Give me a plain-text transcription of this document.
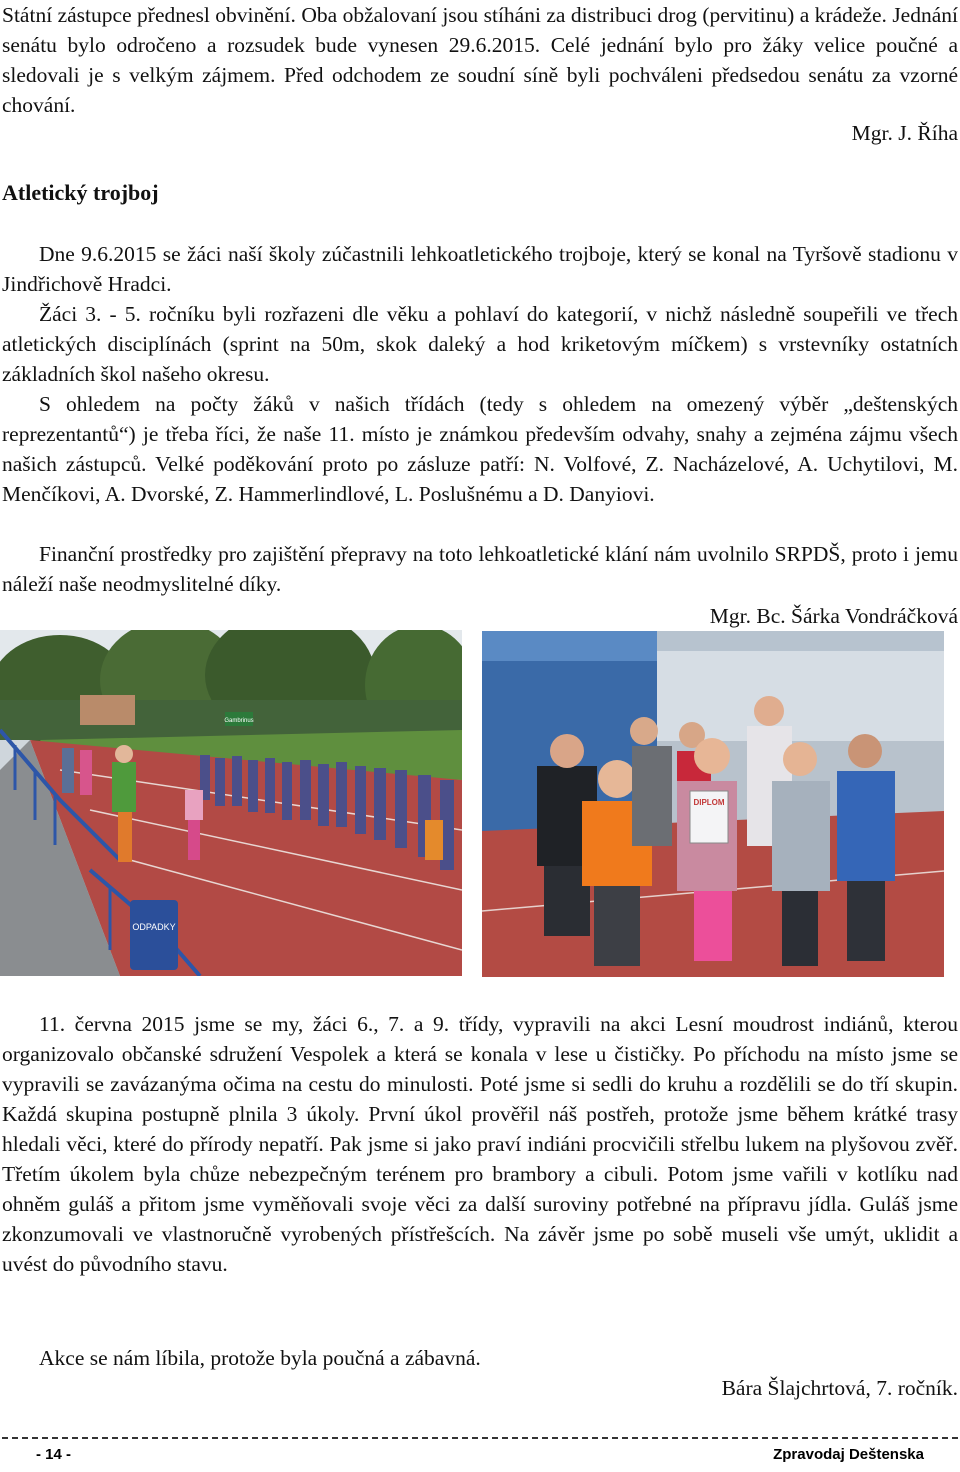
Státní zástupce přednesl obvinění. Oba obžalovaní jsou stíháni za distribuci drog (pervitinu) a krádeže. Jednání senátu bylo odročeno a rozsudek bude vynesen 29.6.2015. Celé jednání bylo pro žáky velice poučné a sledovali je s velkým zájmem. Před odchodem ze soudní síně byli pochváleni předsedou senátu za vzorné chování.

Mgr. J. Říha

Atletický trojboj

Dne 9.6.2015 se žáci naší školy zúčastnili lehkoatletického trojboje, který se konal na Tyršově stadionu v Jindřichově Hradci.

Žáci 3. - 5. ročníku byli rozřazeni dle věku a pohlaví do kategorií, v nichž následně soupeřili ve třech atletických disciplínách (sprint na 50m, skok daleký a hod kriketovým míčkem) s vrstevníky ostatních základních škol našeho okresu.

S ohledem na počty žáků v našich třídách (tedy s ohledem na omezený výběr „deštenských reprezentantů“) je třeba říci, že naše 11. místo je známkou především odvahy, snahy a zejména zájmu všech našich zástupců. Velké poděkování proto po zásluze patří: N. Volfové, Z. Nacházelové, A. Uchytilovi, M. Menčíkovi, A. Dvorské, Z. Hammerlindlové, L. Poslušnému a D. Danyiovi.

Finanční prostředky pro zajištění přepravy na toto lehkoatletické klání nám uvolnilo SRPDŠ, proto i jemu náleží naše neodmyslitelné díky.

Mgr. Bc. Šárka Vondráčková

Gambrinus
ODPADKY
DIPLOM

11. června 2015 jsme se my, žáci 6., 7. a 9. třídy, vypravili na akci Lesní moudrost indiánů, kterou organizovalo občanské sdružení Vespolek a která se konala v lese u čističky. Po příchodu na místo jsme se vypravili se zavázanýma očima na cestu do minulosti. Poté jsme si sedli do kruhu a rozdělili se do tří skupin. Každá skupina postupně plnila 3 úkoly. První úkol prověřil náš postřeh, protože jsme během krátké trasy hledali věci, které do přírody nepatří. Pak jsme si jako praví indiáni procvičili střelbu lukem na plyšovou zvěř. Třetím úkolem byla chůze nebezpečným terénem pro brambory a cibuli. Potom jsme vařili v kotlíku nad ohněm guláš a přitom jsme vyměňovali svoje věci za další suroviny potřebné na přípravu jídla. Guláš jsme zkonzumovali ve vlastnoručně vyrobených přístřešcích. Na závěr jsme po sobě museli vše umýt, uklidit a uvést do původního stavu.

Akce se nám líbila, protože byla poučná a zábavná.

Bára Šlajchrtová, 7. ročník.

- 14 -	Zpravodaj Deštenska
